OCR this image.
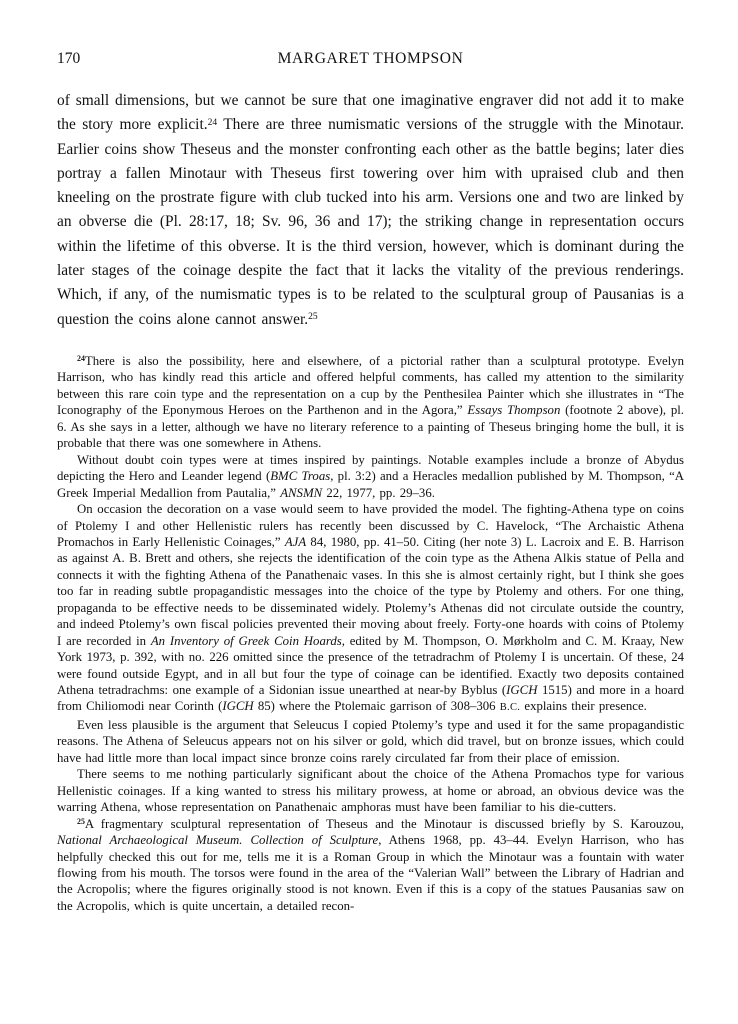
170	MARGARET THOMPSON

of small dimensions, but we cannot be sure that one imaginative engraver did not add it to make the story more explicit.$^{24}$ There are three numismatic versions of the struggle with the Minotaur. Earlier coins show Theseus and the monster confronting each other as the battle begins; later dies portray a fallen Minotaur with Theseus first towering over him with upraised club and then kneeling on the prostrate figure with club tucked into his arm. Versions one and two are linked by an obverse die (Pl. 28:17, 18; Sv. 96, 36 and 17); the striking change in representation occurs within the lifetime of this obverse. It is the third version, however, which is dominant during the later stages of the coinage despite the fact that it lacks the vitality of the previous renderings. Which, if any, of the numismatic types is to be related to the sculptural group of Pausanias is a question the coins alone cannot answer.$^{25}$

$^{24}$There is also the possibility, here and elsewhere, of a pictorial rather than a sculptural prototype. Evelyn Harrison, who has kindly read this article and offered helpful comments, has called my attention to the similarity between this rare coin type and the representation on a cup by the Penthesilea Painter which she illustrates in “The Iconography of the Eponymous Heroes on the Parthenon and in the Agora,” Essays Thompson (footnote 2 above), pl. 6. As she says in a letter, although we have no literary reference to a painting of Theseus bringing home the bull, it is probable that there was one somewhere in Athens.

Without doubt coin types were at times inspired by paintings. Notable examples include a bronze of Abydus depicting the Hero and Leander legend (BMC Troas, pl. 3:2) and a Heracles medallion published by M. Thompson, “A Greek Imperial Medallion from Pautalia,” ANSMN 22, 1977, pp. 29–36.

On occasion the decoration on a vase would seem to have provided the model. The fighting-Athena type on coins of Ptolemy I and other Hellenistic rulers has recently been discussed by C. Havelock, “The Archaistic Athena Promachos in Early Hellenistic Coinages,” AJA 84, 1980, pp. 41–50. Citing (her note 3) L. Lacroix and E. B. Harrison as against A. B. Brett and others, she rejects the identification of the coin type as the Athena Alkis statue of Pella and connects it with the fighting Athena of the Panathenaic vases. In this she is almost certainly right, but I think she goes too far in reading subtle propagandistic messages into the choice of the type by Ptolemy and others. For one thing, propaganda to be effective needs to be disseminated widely. Ptolemy’s Athenas did not circulate outside the country, and indeed Ptolemy’s own fiscal policies prevented their moving about freely. Forty-one hoards with coins of Ptolemy I are recorded in An Inventory of Greek Coin Hoards, edited by M. Thompson, O. Mørkholm and C. M. Kraay, New York 1973, p. 392, with no. 226 omitted since the presence of the tetradrachm of Ptolemy I is uncertain. Of these, 24 were found outside Egypt, and in all but four the type of coinage can be identified. Exactly two deposits contained Athena tetradrachms: one example of a Sidonian issue unearthed at near-by Byblus (IGCH 1515) and more in a hoard from Chiliomodi near Corinth (IGCH 85) where the Ptolemaic garrison of 308–306 B.C. explains their presence.

Even less plausible is the argument that Seleucus I copied Ptolemy’s type and used it for the same propagandistic reasons. The Athena of Seleucus appears not on his silver or gold, which did travel, but on bronze issues, which could have had little more than local impact since bronze coins rarely circulated far from their place of emission.

There seems to me nothing particularly significant about the choice of the Athena Promachos type for various Hellenistic coinages. If a king wanted to stress his military prowess, at home or abroad, an obvious device was the warring Athena, whose representation on Panathenaic amphoras must have been familiar to his die-cutters.

$^{25}$A fragmentary sculptural representation of Theseus and the Minotaur is discussed briefly by S. Karouzou, National Archaeological Museum. Collection of Sculpture, Athens 1968, pp. 43–44. Evelyn Harrison, who has helpfully checked this out for me, tells me it is a Roman Group in which the Minotaur was a fountain with water flowing from his mouth. The torsos were found in the area of the “Valerian Wall” between the Library of Hadrian and the Acropolis; where the figures originally stood is not known. Even if this is a copy of the statues Pausanias saw on the Acropolis, which is quite uncertain, a detailed recon-
